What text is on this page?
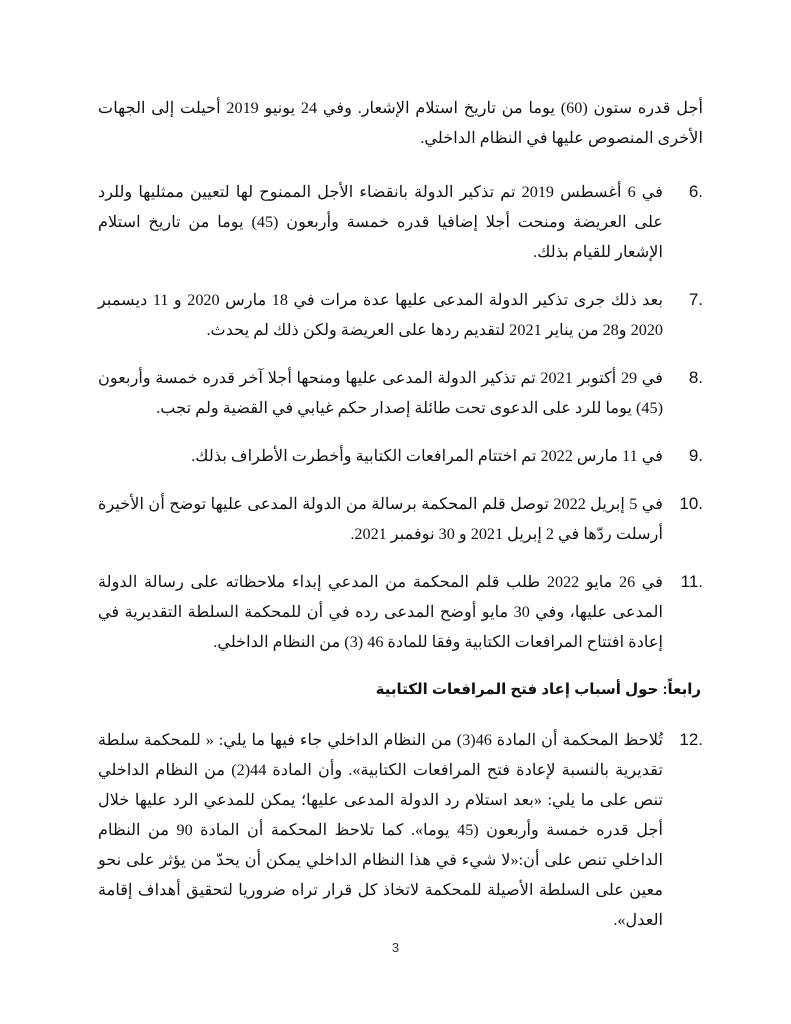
أجل قدره ستون (60) يوما من تاريخ استلام الإشعار. وفي 24 يونيو 2019 أحيلت إلى الجهات الأخرى المنصوص عليها في النظام الداخلي.

6.
في 6 أغسطس 2019 تم تذكير الدولة بانقضاء الأجل الممنوح لها لتعيين ممثليها وللرد على العريضة ومنحت أجلا إضافيا قدره خمسة وأربعون (45) يوما من تاريخ استلام الإشعار للقيام بذلك.
7.
بعد ذلك جرى تذكير الدولة المدعى عليها عدة مرات في 18 مارس 2020 و 11 ديسمبر 2020 و28 من يناير 2021 لتقديم ردها على العريضة ولكن ذلك لم يحدث.
8.
في 29 أكتوبر 2021 تم تذكير الدولة المدعى عليها ومنحها أجلا آخر قدره خمسة وأربعون (45) يوما للرد على الدعوى تحت طائلة إصدار حكم غيابي في القضية ولم تجب.
9.
في 11 مارس 2022 تم اختتام المرافعات الكتابية وأخطرت الأطراف بذلك.
10.
في 5 إبريل 2022 توصل قلم المحكمة برسالة من الدولة المدعى عليها توضح أن الأخيرة أرسلت ردّها في 2 إبريل 2021 و 30 نوفمبر 2021.
11.
في 26 مايو 2022 طلب قلم المحكمة من المدعي إبداء ملاحظاته على رسالة الدولة المدعى عليها، وفي 30 مايو أوضح المدعى رده في أن للمحكمة السلطة التقديرية في إعادة افتتاح المرافعات الكتابية وفقا للمادة 46 (3) من النظام الداخلي.
رابعاً: حول أسباب إعاد فتح المرافعات الكتابية
12.
تُلاحظ المحكمة أن المادة 46(3) من النظام الداخلي جاء فيها ما يلي: « للمحكمة سلطة تقديرية بالنسبة لإعادة فتح المرافعات الكتابية». وأن المادة 44(2) من النظام الداخلي تنص على ما يلي: «بعد استلام رد الدولة المدعى عليها؛ يمكن للمدعي الرد عليها خلال أجل قدره خمسة وأربعون (45 يوما». كما تلاحظ المحكمة أن المادة 90 من النظام الداخلي تنص على أن:«لا شيء في هذا النظام الداخلي يمكن أن يحدّ من يؤثر على نحو معين على السلطة الأصيلة للمحكمة لاتخاذ كل قرار تراه ضروريا لتحقيق أهداف إقامة العدل».
3
